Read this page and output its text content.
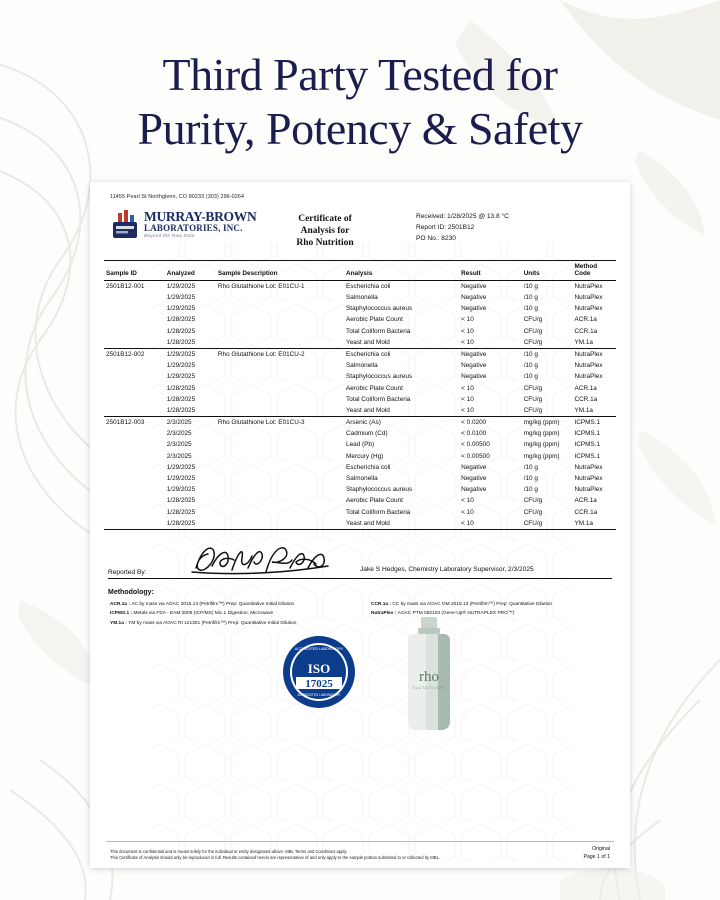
Third Party Tested for
Purity, Potency & Safety
11455 Pearl St Northglenn, CO 80233 (303) 296-0264
MURRAY-BROWN
LABORATORIES, INC.
Beyond the Raw Data
Certificate of
Analysis for
Rho Nutrition
Received: 1/28/2025 @ 13.8 °C
Report ID: 2501B12
PO No.: 8230
Sample ID	Analyzed	Sample Description	Analysis	Result	Units	Method
Code

2501B12-001	1/29/2025	Rho Glutathione Lot: E01CU-1	Escherichia coli	Negative	/10 g	NutraPlex
	1/29/2025		Salmonella	Negative	/10 g	NutraPlex
	1/29/2025		Staphylococcus aureus	Negative	/10 g	NutraPlex
	1/28/2025		Aerobic Plate Count	< 10	CFU/g	ACR.1a
	1/28/2025		Total Coliform Bacteria	< 10	CFU/g	CCR.1a
	1/28/2025		Yeast and Mold	< 10	CFU/g	YM.1a
2501B12-002	1/29/2025	Rho Glutathione Lot: E01CU-2	Escherichia coli	Negative	/10 g	NutraPlex
	1/29/2025		Salmonella	Negative	/10 g	NutraPlex
	1/29/2025		Staphylococcus aureus	Negative	/10 g	NutraPlex
	1/28/2025		Aerobic Plate Count	< 10	CFU/g	ACR.1a
	1/28/2025		Total Coliform Bacteria	< 10	CFU/g	CCR.1a
	1/28/2025		Yeast and Mold	< 10	CFU/g	YM.1a
2501B12-003	2/3/2025	Rho Glutathione Lot: E01CU-3	Arsenic (As)	< 0.0200	mg/kg (ppm)	ICPMS.1
	2/3/2025		Cadmium (Cd)	< 0.0100	mg/kg (ppm)	ICPMS.1
	2/3/2025		Lead (Pb)	< 0.00500	mg/kg (ppm)	ICPMS.1
	2/3/2025		Mercury (Hg)	< 0.00500	mg/kg (ppm)	ICPMS.1
	1/29/2025		Escherichia coli	Negative	/10 g	NutraPlex
	1/29/2025		Salmonella	Negative	/10 g	NutraPlex
	1/29/2025		Staphylococcus aureus	Negative	/10 g	NutraPlex
	1/28/2025		Aerobic Plate Count	< 10	CFU/g	ACR.1a
	1/28/2025		Total Coliform Bacteria	< 10	CFU/g	CCR.1a
	1/28/2025		Yeast and Mold	< 10	CFU/g	YM.1a
Reported By:	Jake S Hedges, Chemistry Laboratory Supervisor, 2/3/2025
Methodology:
ACR.1a : AC by mass via AOAC 2015.13 (Petrifilm™) Prep: Quantitative Initial Dilution
ICPMS.1 : Metals via FDA - EAM:2008 (ICP/MS) Mic.1 Digestion, Microwave
YM.1a : YM by mass via AOAC RI 121301 (Petrifilm™) Prep: Quantitative Initial Dilution
CCR.1a : CC by mass via AOAC OM 2018.13 (Petrifilm™) Prep: Quantitative Dilution
NutraPlex : AOAC PTM 082103 (Gene-Up® NUTRAPLEX PRO™)
ACCREDITED LABORATORY
ISO
17025
ACCREDITED LABORATORY
rho
GLUTATHIONE
This document is confidential and is meant solely for the individual or entity designated above. MBL Terms and Conditions apply.
This Certificate of Analysis should only be reproduced in full. Results contained herein are representative of and only apply to the sample portion submitted to or collected by MBL.
Original
Page 1 of 1
